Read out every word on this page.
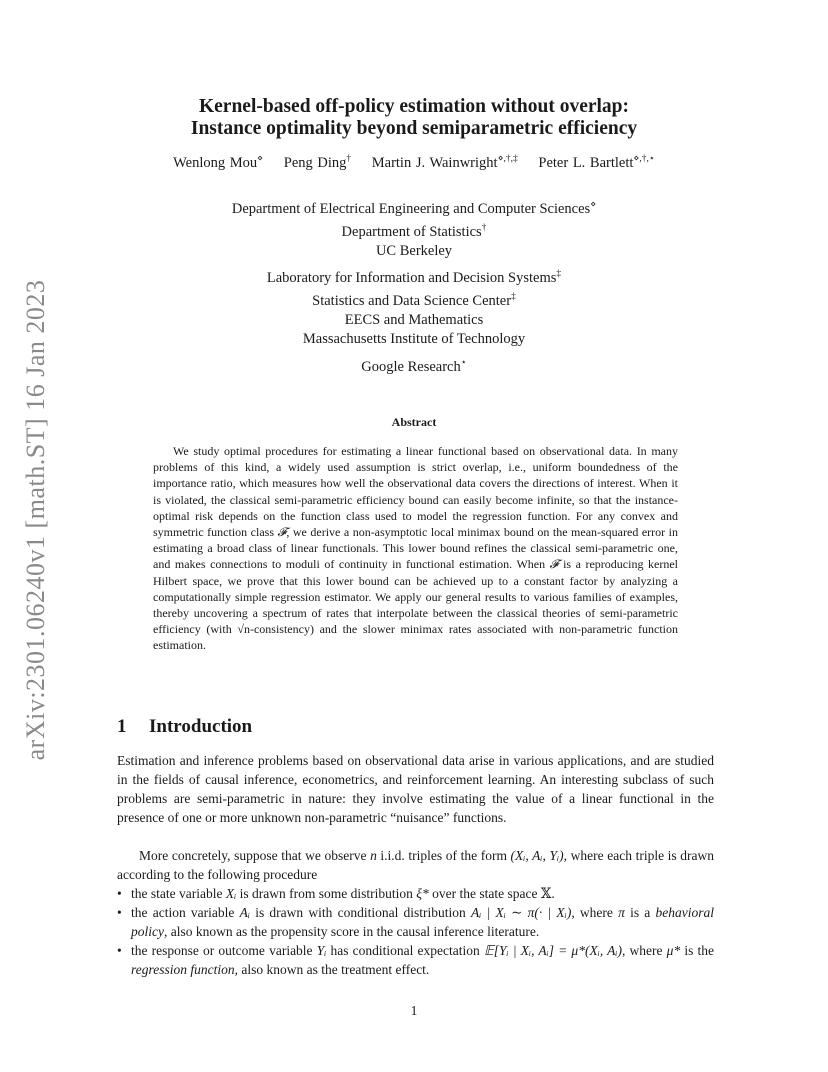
arXiv:2301.06240v1 [math.ST] 16 Jan 2023
Kernel-based off-policy estimation without overlap:
Instance optimality beyond semiparametric efficiency
Wenlong Mou⋄ Peng Ding† Martin J. Wainwright⋄,†,‡ Peter L. Bartlett⋄,†,⋆
Department of Electrical Engineering and Computer Sciences⋄
Department of Statistics†
UC Berkeley
Laboratory for Information and Decision Systems‡
Statistics and Data Science Center‡
EECS and Mathematics
Massachusetts Institute of Technology
Google Research⋆
Abstract

We study optimal procedures for estimating a linear functional based on observational data. In many problems of this kind, a widely used assumption is strict overlap, i.e., uniform boundedness of the importance ratio, which measures how well the observational data covers the directions of interest. When it is violated, the classical semi-parametric efficiency bound can easily become infinite, so that the instance-optimal risk depends on the function class used to model the regression function. For any convex and symmetric function class 𝓕, we derive a non-asymptotic local minimax bound on the mean-squared error in estimating a broad class of linear functionals. This lower bound refines the classical semi-parametric one, and makes connections to moduli of continuity in functional estimation. When 𝓕 is a reproducing kernel Hilbert space, we prove that this lower bound can be achieved up to a constant factor by analyzing a computationally simple regression estimator. We apply our general results to various families of examples, thereby uncovering a spectrum of rates that interpolate between the classical theories of semi-parametric efficiency (with √n-consistency) and the slower minimax rates associated with non-parametric function estimation.

1 Introduction

Estimation and inference problems based on observational data arise in various applications, and are studied in the fields of causal inference, econometrics, and reinforcement learning. An interesting subclass of such problems are semi-parametric in nature: they involve estimating the value of a linear functional in the presence of one or more unknown non-parametric “nuisance” functions.

More concretely, suppose that we observe n i.i.d. triples of the form (Xᵢ, Aᵢ, Yᵢ), where each triple is drawn according to the following procedure

• the state variable Xᵢ is drawn from some distribution ξ* over the state space 𝕏.
• the action variable Aᵢ is drawn with conditional distribution Aᵢ | Xᵢ ∼ π(· | Xᵢ), where π is a behavioral policy, also known as the propensity score in the causal inference literature.
• the response or outcome variable Yᵢ has conditional expectation 𝔼[Yᵢ | Xᵢ, Aᵢ] = μ*(Xᵢ, Aᵢ), where μ* is the regression function, also known as the treatment effect.
1
